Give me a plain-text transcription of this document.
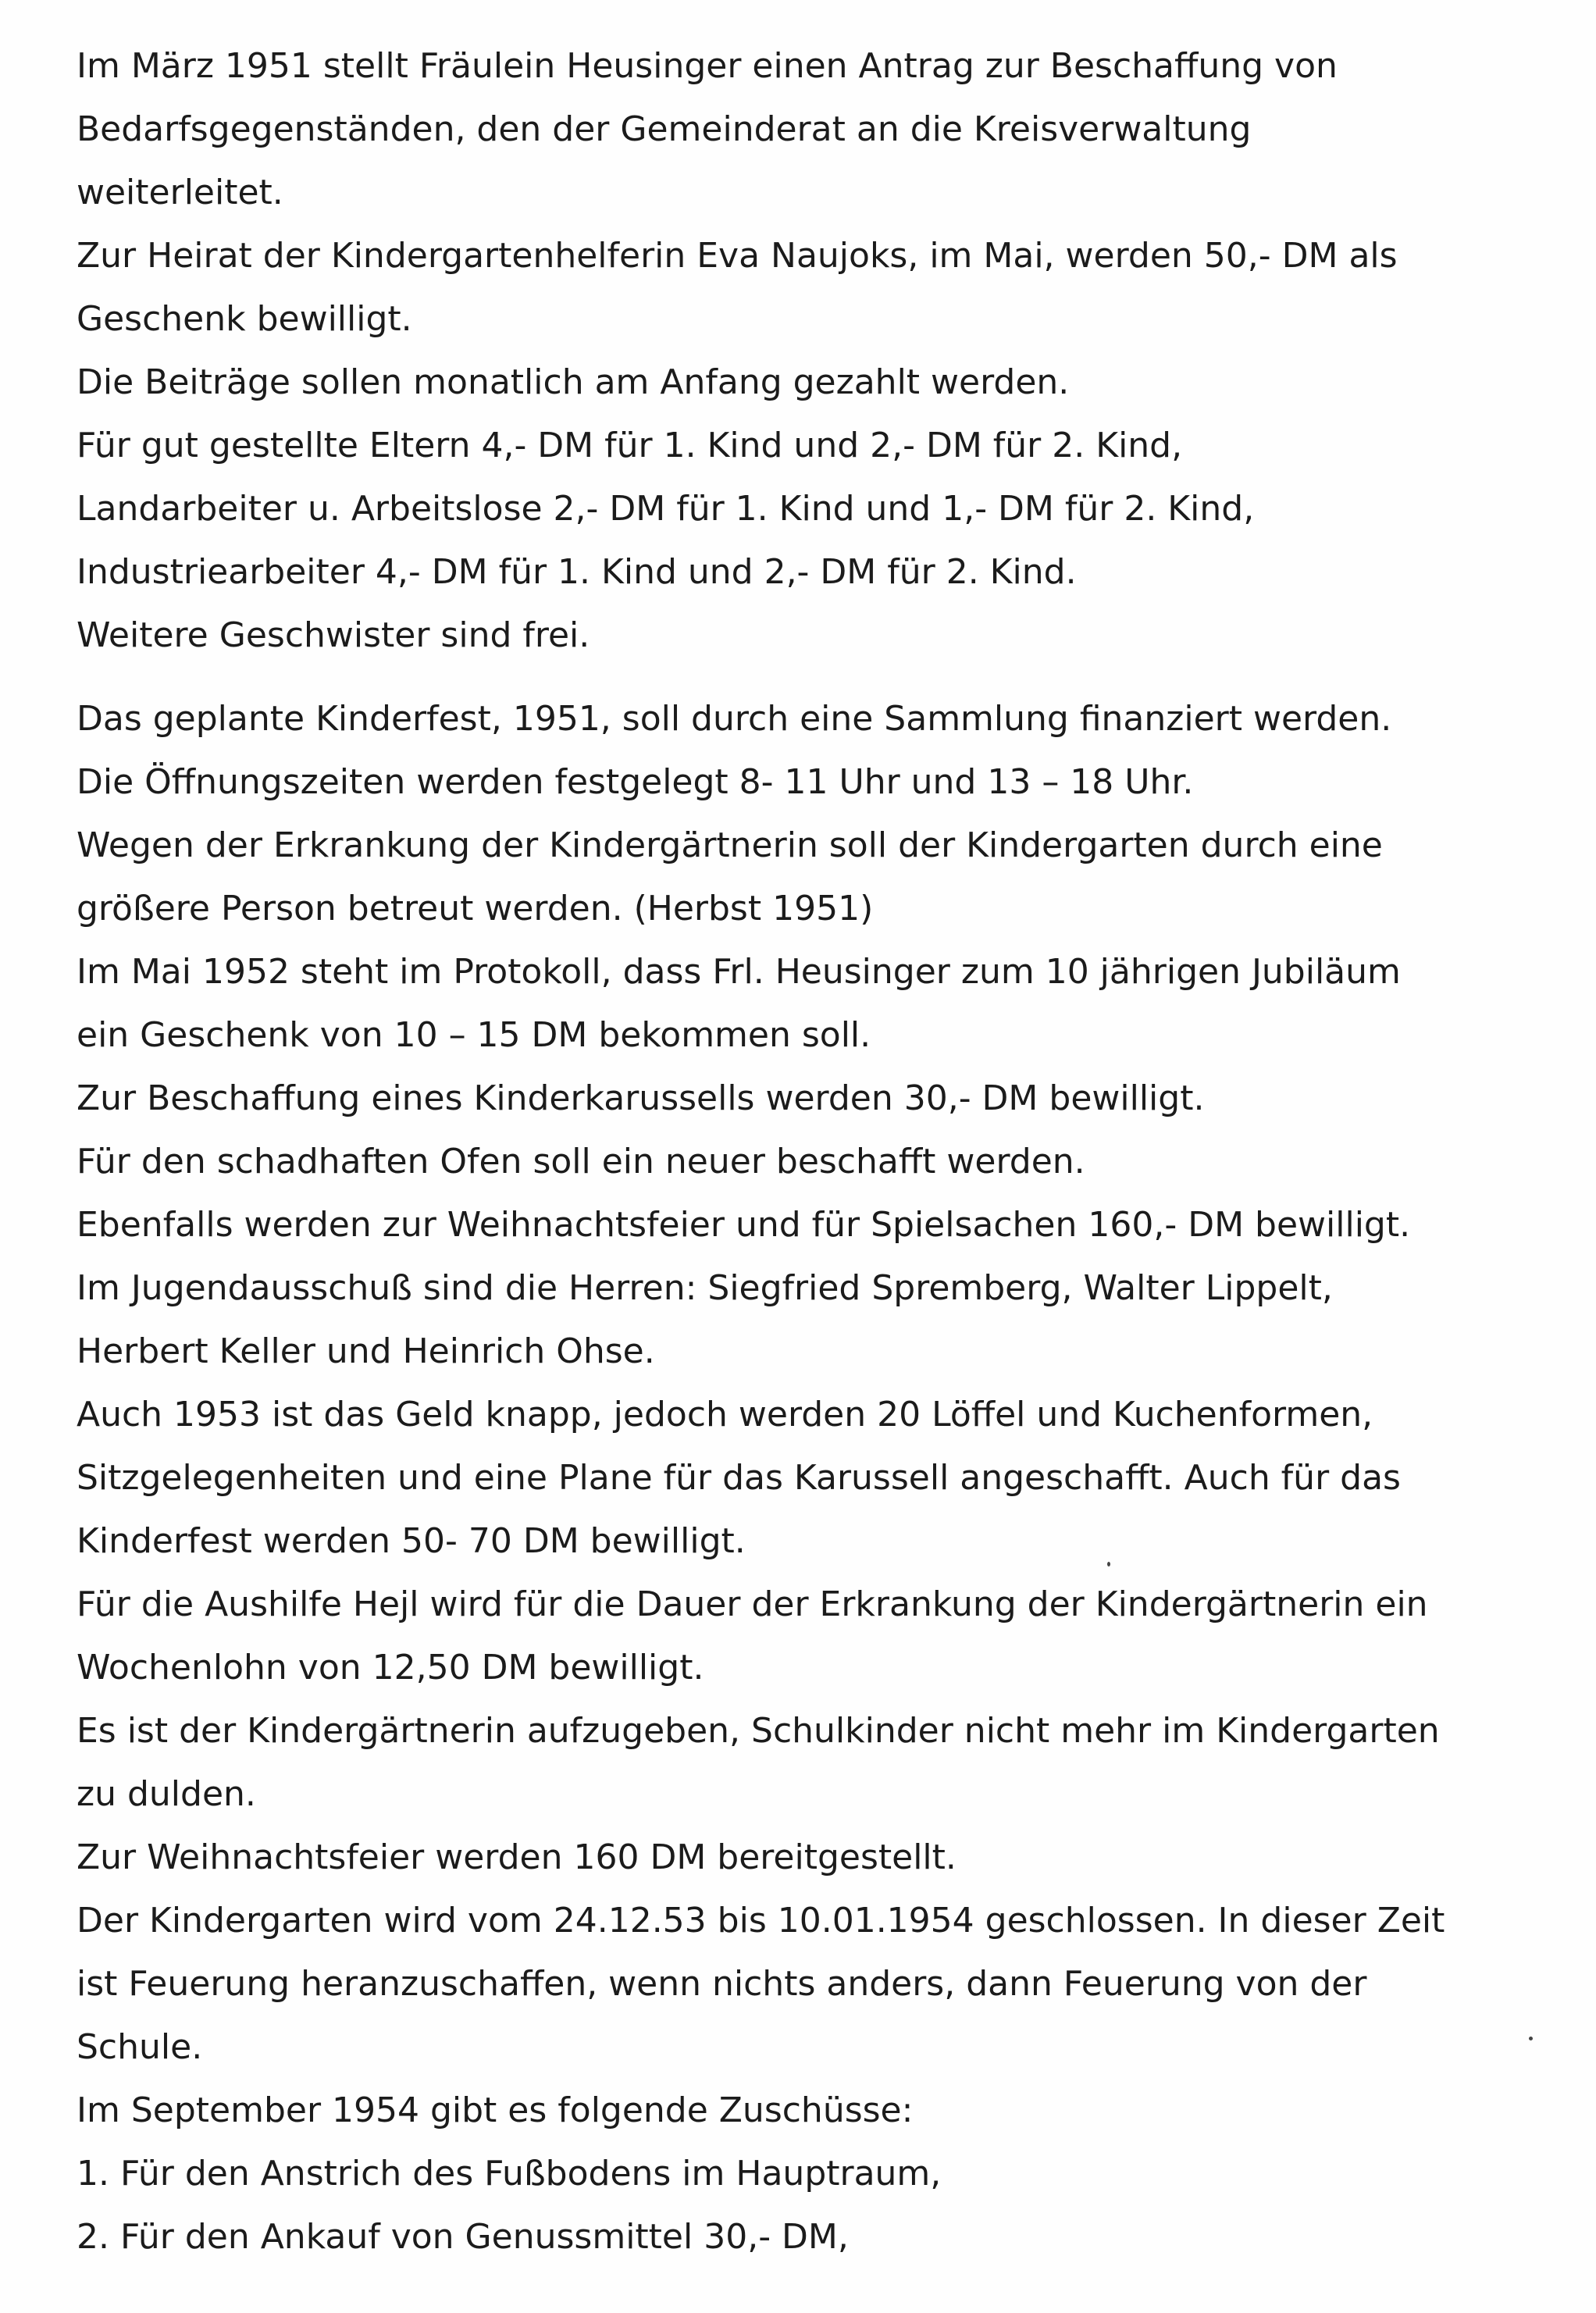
Im März 1951 stellt Fräulein Heusinger einen Antrag zur Beschaffung von
Bedarfsgegenständen, den der Gemeinderat an die Kreisverwaltung
weiterleitet.
Zur Heirat der Kindergartenhelferin Eva Naujoks, im Mai, werden 50,- DM als
Geschenk bewilligt.
Die Beiträge sollen monatlich am Anfang gezahlt werden.
Für gut gestellte Eltern 4,- DM für 1. Kind und 2,- DM für 2. Kind,
Landarbeiter u. Arbeitslose 2,- DM für 1. Kind und 1,- DM für 2. Kind,
Industriearbeiter 4,- DM für 1. Kind und 2,- DM für 2. Kind.
Weitere Geschwister sind frei.
Das geplante Kinderfest, 1951, soll durch eine Sammlung finanziert werden.
Die Öffnungszeiten werden festgelegt 8- 11 Uhr und 13 – 18 Uhr.
Wegen der Erkrankung der Kindergärtnerin soll der Kindergarten durch eine
größere Person betreut werden. (Herbst 1951)
Im Mai 1952 steht im Protokoll, dass Frl. Heusinger zum 10 jährigen Jubiläum
ein Geschenk von 10 – 15 DM bekommen soll.
Zur Beschaffung eines Kinderkarussells werden 30,- DM bewilligt.
Für den schadhaften Ofen soll ein neuer beschafft werden.
Ebenfalls werden zur Weihnachtsfeier und für Spielsachen 160,- DM bewilligt.
Im Jugendausschuß sind die Herren: Siegfried Spremberg, Walter Lippelt,
Herbert Keller und Heinrich Ohse.
Auch 1953 ist das Geld knapp, jedoch werden 20 Löffel und Kuchenformen,
Sitzgelegenheiten und eine Plane für das Karussell angeschafft. Auch für das
Kinderfest werden 50- 70 DM bewilligt.
Für die Aushilfe Hejl wird für die Dauer der Erkrankung der Kindergärtnerin ein
Wochenlohn von 12,50 DM bewilligt.
Es ist der Kindergärtnerin aufzugeben, Schulkinder nicht mehr im Kindergarten
zu dulden.
Zur Weihnachtsfeier werden 160 DM bereitgestellt.
Der Kindergarten wird vom 24.12.53 bis 10.01.1954 geschlossen. In dieser Zeit
ist Feuerung heranzuschaffen, wenn nichts anders, dann Feuerung von der
Schule.
Im September 1954 gibt es folgende Zuschüsse:
1. Für den Anstrich des Fußbodens im Hauptraum,
2. Für den Ankauf von Genussmittel 30,- DM,
